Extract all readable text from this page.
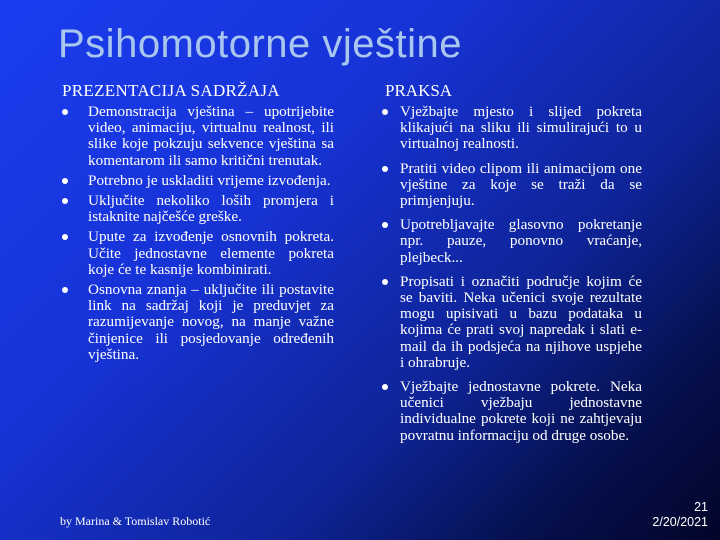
Psihomotorne vještine
PREZENTACIJA SADRŽAJA
Demonstracija vještina – upotrijebite video, animaciju, virtualnu realnost, ili slike koje pokzuju sekvence vještina sa komentarom ili samo kritični trenutak.
Potrebno je uskladiti vrijeme izvođenja.
Uključite nekoliko loših promjera i istaknite najčešće greške.
Upute za izvođenje osnovnih pokreta. Učite jednostavne elemente pokreta koje će te kasnije kombinirati.
Osnovna znanja – uključite ili postavite link na sadržaj koji je preduvjet za razumijevanje novog, na manje važne činjenice ili posjedovanje određenih vještina.
PRAKSA
Vježbajte mjesto i slijed pokreta klikajući na sliku ili simulirajući to u virtualnoj realnosti.
Pratiti video clipom ili animacijom one vještine za koje se traži da se primjenjuju.
Upotrebljavajte glasovno pokretanje npr. pauze, ponovno vraćanje, plejbeck...
Propisati i označiti područje kojim će se baviti. Neka učenici svoje rezultate mogu upisivati u bazu podataka u kojima će prati svoj napredak i slati e-mail da ih podsjeća na njihove uspjehe i ohrabruje.
Vježbajte jednostavne pokrete. Neka učenici vježbaju jednostavne individualne pokrete koji ne zahtjevaju povratnu informaciju od druge osobe.
by Marina & Tomislav Robotić
21
2/20/2021
